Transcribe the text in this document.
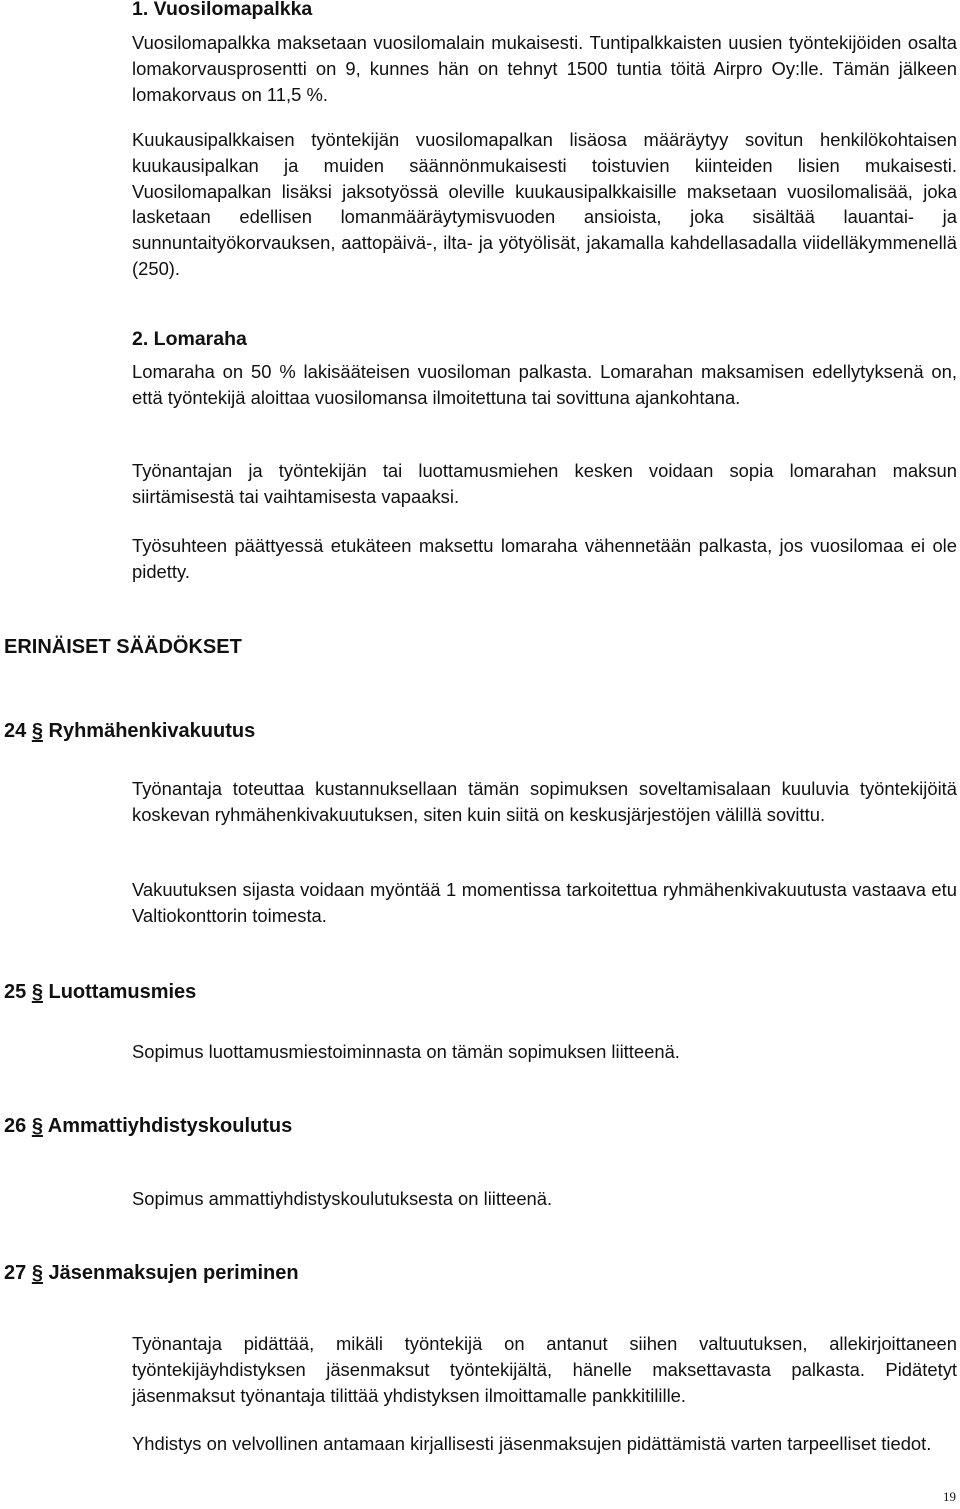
1. Vuosilomapalkka

Vuosilomapalkka maksetaan vuosilomalain mukaisesti. Tuntipalkkaisten uusien työntekijöiden osalta lomakorvausprosentti on 9, kunnes hän on tehnyt 1500 tuntia töitä Airpro Oy:lle. Tämän jälkeen lomakorvaus on 11,5 %.

Kuukausipalkkaisen työntekijän vuosilomapalkan lisäosa määräytyy sovitun henkilökohtaisen kuukausipalkan ja muiden säännönmukaisesti toistuvien kiinteiden lisien mukaisesti. Vuosilomapalkan lisäksi jaksotyössä oleville kuukausipalkkaisille maksetaan vuosilomalisää, joka lasketaan edellisen lomanmääräytymisvuoden ansioista, joka sisältää lauantai- ja sunnuntaityökorvauksen, aattopäivä-, ilta- ja yötyölisät, jakamalla kahdellasadalla viidelläkymmenellä (250).

2. Lomaraha

Lomaraha on 50 % lakisääteisen vuosiloman palkasta. Lomarahan maksamisen edellytyksenä on, että työntekijä aloittaa vuosilomansa ilmoitettuna tai sovittuna ajankohtana.

Työnantajan ja työntekijän tai luottamusmiehen kesken voidaan sopia lomarahan maksun siirtämisestä tai vaihtamisesta vapaaksi.

Työsuhteen päättyessä etukäteen maksettu lomaraha vähennetään palkasta, jos vuosilomaa ei ole pidetty.

ERINÄISET SÄÄDÖKSET
24 § Ryhmähenkivakuutus

Työnantaja toteuttaa kustannuksellaan tämän sopimuksen soveltamisalaan kuuluvia työntekijöitä koskevan ryhmähenkivakuutuksen, siten kuin siitä on keskusjärjestöjen välillä sovittu.

Vakuutuksen sijasta voidaan myöntää 1 momentissa tarkoitettua ryhmähenkivakuutusta vastaava etu Valtiokonttorin toimesta.

25 § Luottamusmies

Sopimus luottamusmiestoiminnasta on tämän sopimuksen liitteenä.

26 § Ammattiyhdistyskoulutus

Sopimus ammattiyhdistyskoulutuksesta on liitteenä.

27 § Jäsenmaksujen periminen

Työnantaja pidättää, mikäli työntekijä on antanut siihen valtuutuksen, allekirjoittaneen työntekijäyhdistyksen jäsenmaksut työntekijältä, hänelle maksettavasta palkasta. Pidätetyt jäsenmaksut työnantaja tilittää yhdistyksen ilmoittamalle pankkitilille.

Yhdistys on velvollinen antamaan kirjallisesti jäsenmaksujen pidättämistä varten tarpeelliset tiedot.

19
